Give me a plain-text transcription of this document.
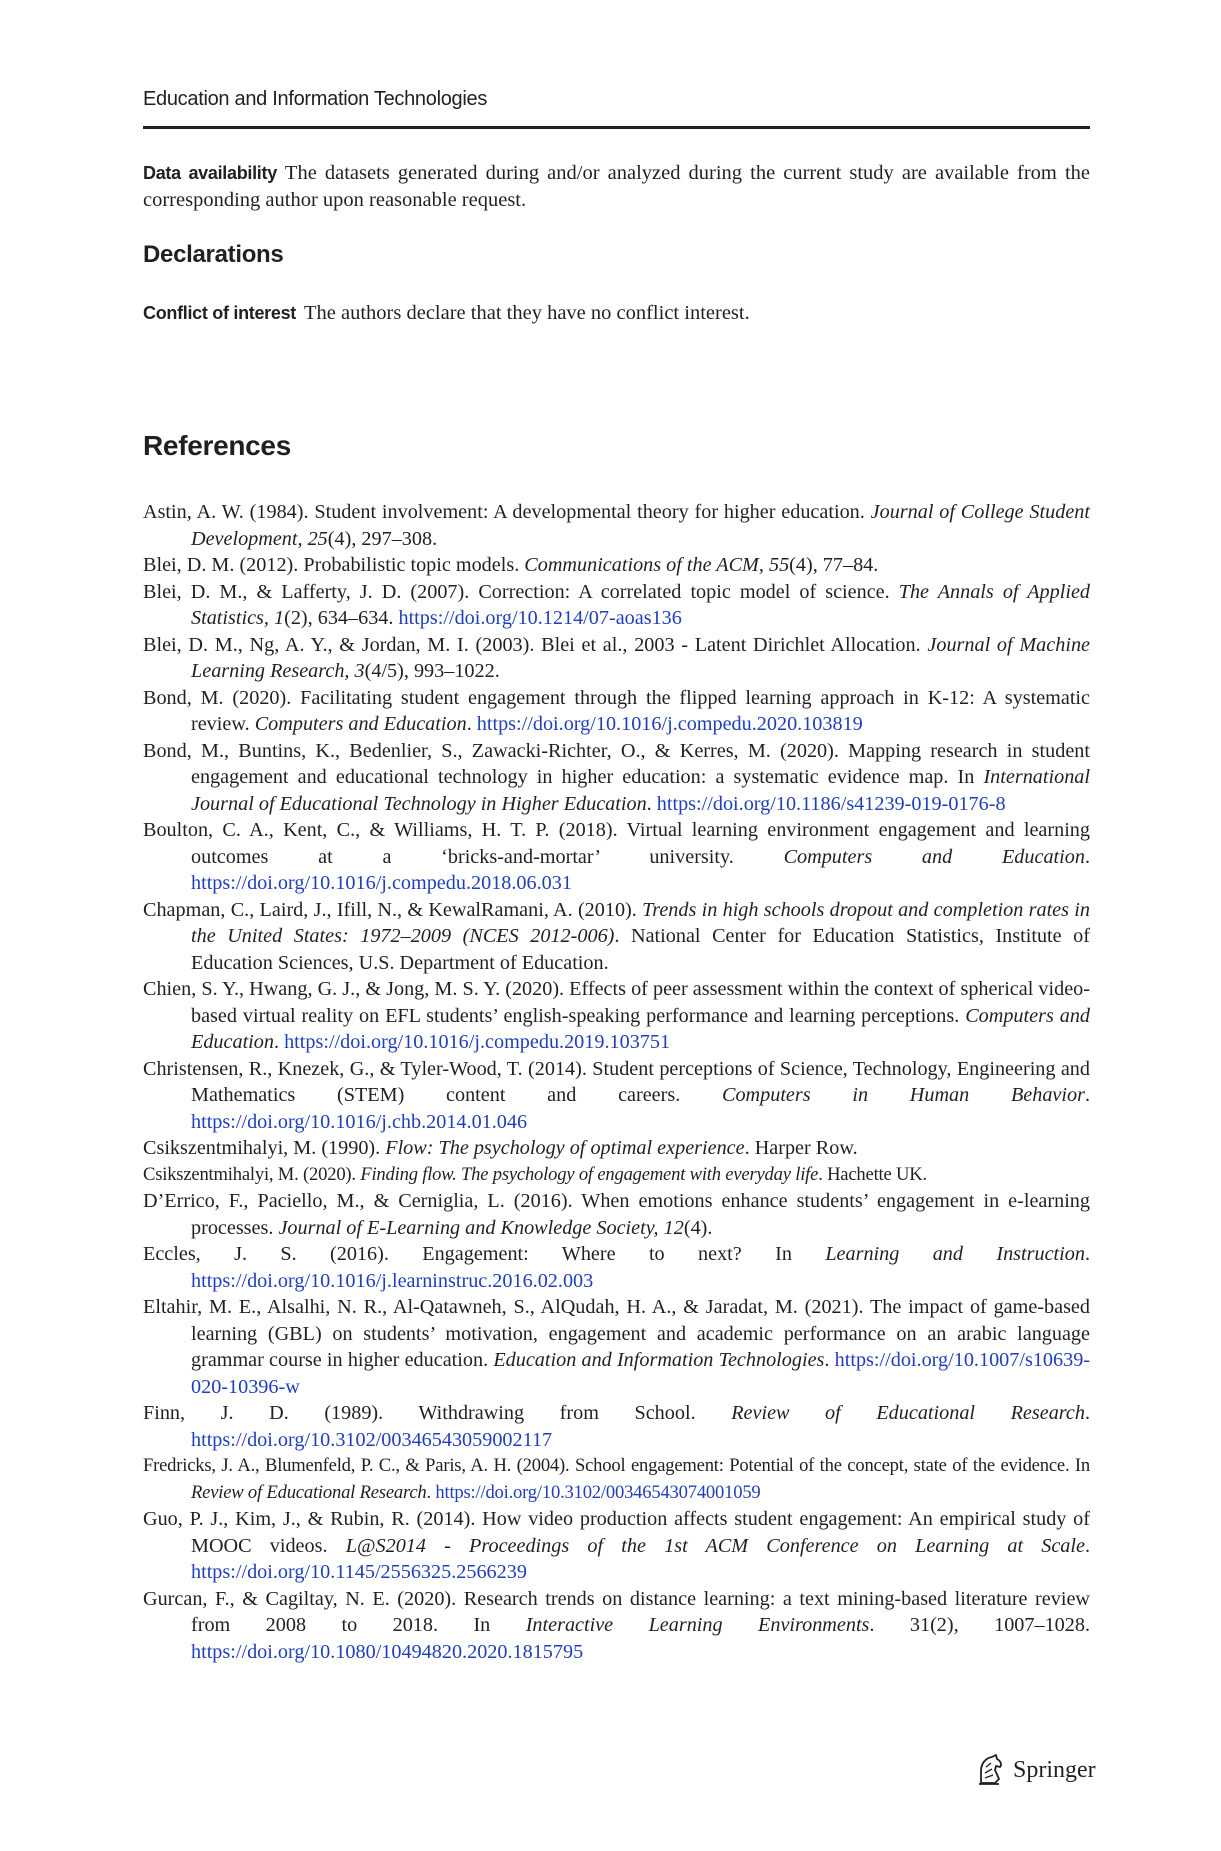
Education and Information Technologies
Data availability The datasets generated during and/or analyzed during the current study are available from the corresponding author upon reasonable request.
Declarations
Conflict of interest The authors declare that they have no conflict interest.
References
Astin, A. W. (1984). Student involvement: A developmental theory for higher education. Journal of College Student Development, 25(4), 297–308.
Blei, D. M. (2012). Probabilistic topic models. Communications of the ACM, 55(4), 77–84.
Blei, D. M., & Lafferty, J. D. (2007). Correction: A correlated topic model of science. The Annals of Applied Statistics, 1(2), 634–634. https://doi.org/10.1214/07-aoas136
Blei, D. M., Ng, A. Y., & Jordan, M. I. (2003). Blei et al., 2003 - Latent Dirichlet Allocation. Journal of Machine Learning Research, 3(4/5), 993–1022.
Bond, M. (2020). Facilitating student engagement through the flipped learning approach in K-12: A systematic review. Computers and Education. https://doi.org/10.1016/j.compedu.2020.103819
Bond, M., Buntins, K., Bedenlier, S., Zawacki-Richter, O., & Kerres, M. (2020). Mapping research in student engagement and educational technology in higher education: a systematic evidence map. In International Journal of Educational Technology in Higher Education. https://doi.org/10.1186/s41239-019-0176-8
Boulton, C. A., Kent, C., & Williams, H. T. P. (2018). Virtual learning environment engagement and learning outcomes at a ‘bricks-and-mortar’ university. Computers and Education. https://doi.org/10.1016/j.compedu.2018.06.031
Chapman, C., Laird, J., Ifill, N., & KewalRamani, A. (2010). Trends in high schools dropout and completion rates in the United States: 1972–2009 (NCES 2012-006). National Center for Education Statistics, Institute of Education Sciences, U.S. Department of Education.
Chien, S. Y., Hwang, G. J., & Jong, M. S. Y. (2020). Effects of peer assessment within the context of spherical video-based virtual reality on EFL students’ english-speaking performance and learning perceptions. Computers and Education. https://doi.org/10.1016/j.compedu.2019.103751
Christensen, R., Knezek, G., & Tyler-Wood, T. (2014). Student perceptions of Science, Technology, Engineering and Mathematics (STEM) content and careers. Computers in Human Behavior. https://doi.org/10.1016/j.chb.2014.01.046
Csikszentmihalyi, M. (1990). Flow: The psychology of optimal experience. Harper Row.
Csikszentmihalyi, M. (2020). Finding flow. The psychology of engagement with everyday life. Hachette UK.
D’Errico, F., Paciello, M., & Cerniglia, L. (2016). When emotions enhance students’ engagement in e-learning processes. Journal of E-Learning and Knowledge Society, 12(4).
Eccles, J. S. (2016). Engagement: Where to next? In Learning and Instruction. https://doi.org/10.1016/j.learninstruc.2016.02.003
Eltahir, M. E., Alsalhi, N. R., Al-Qatawneh, S., AlQudah, H. A., & Jaradat, M. (2021). The impact of game-based learning (GBL) on students’ motivation, engagement and academic performance on an arabic language grammar course in higher education. Education and Information Technologies. https://doi.org/10.1007/s10639-020-10396-w
Finn, J. D. (1989). Withdrawing from School. Review of Educational Research. https://doi.org/10.3102/00346543059002117
Fredricks, J. A., Blumenfeld, P. C., & Paris, A. H. (2004). School engagement: Potential of the concept, state of the evidence. In Review of Educational Research. https://doi.org/10.3102/00346543074001059
Guo, P. J., Kim, J., & Rubin, R. (2014). How video production affects student engagement: An empirical study of MOOC videos. L@S2014 - Proceedings of the 1st ACM Conference on Learning at Scale. https://doi.org/10.1145/2556325.2566239
Gurcan, F., & Cagiltay, N. E. (2020). Research trends on distance learning: a text mining-based literature review from 2008 to 2018. In Interactive Learning Environments. 31(2), 1007–1028. https://doi.org/10.1080/10494820.2020.1815795
Springer
